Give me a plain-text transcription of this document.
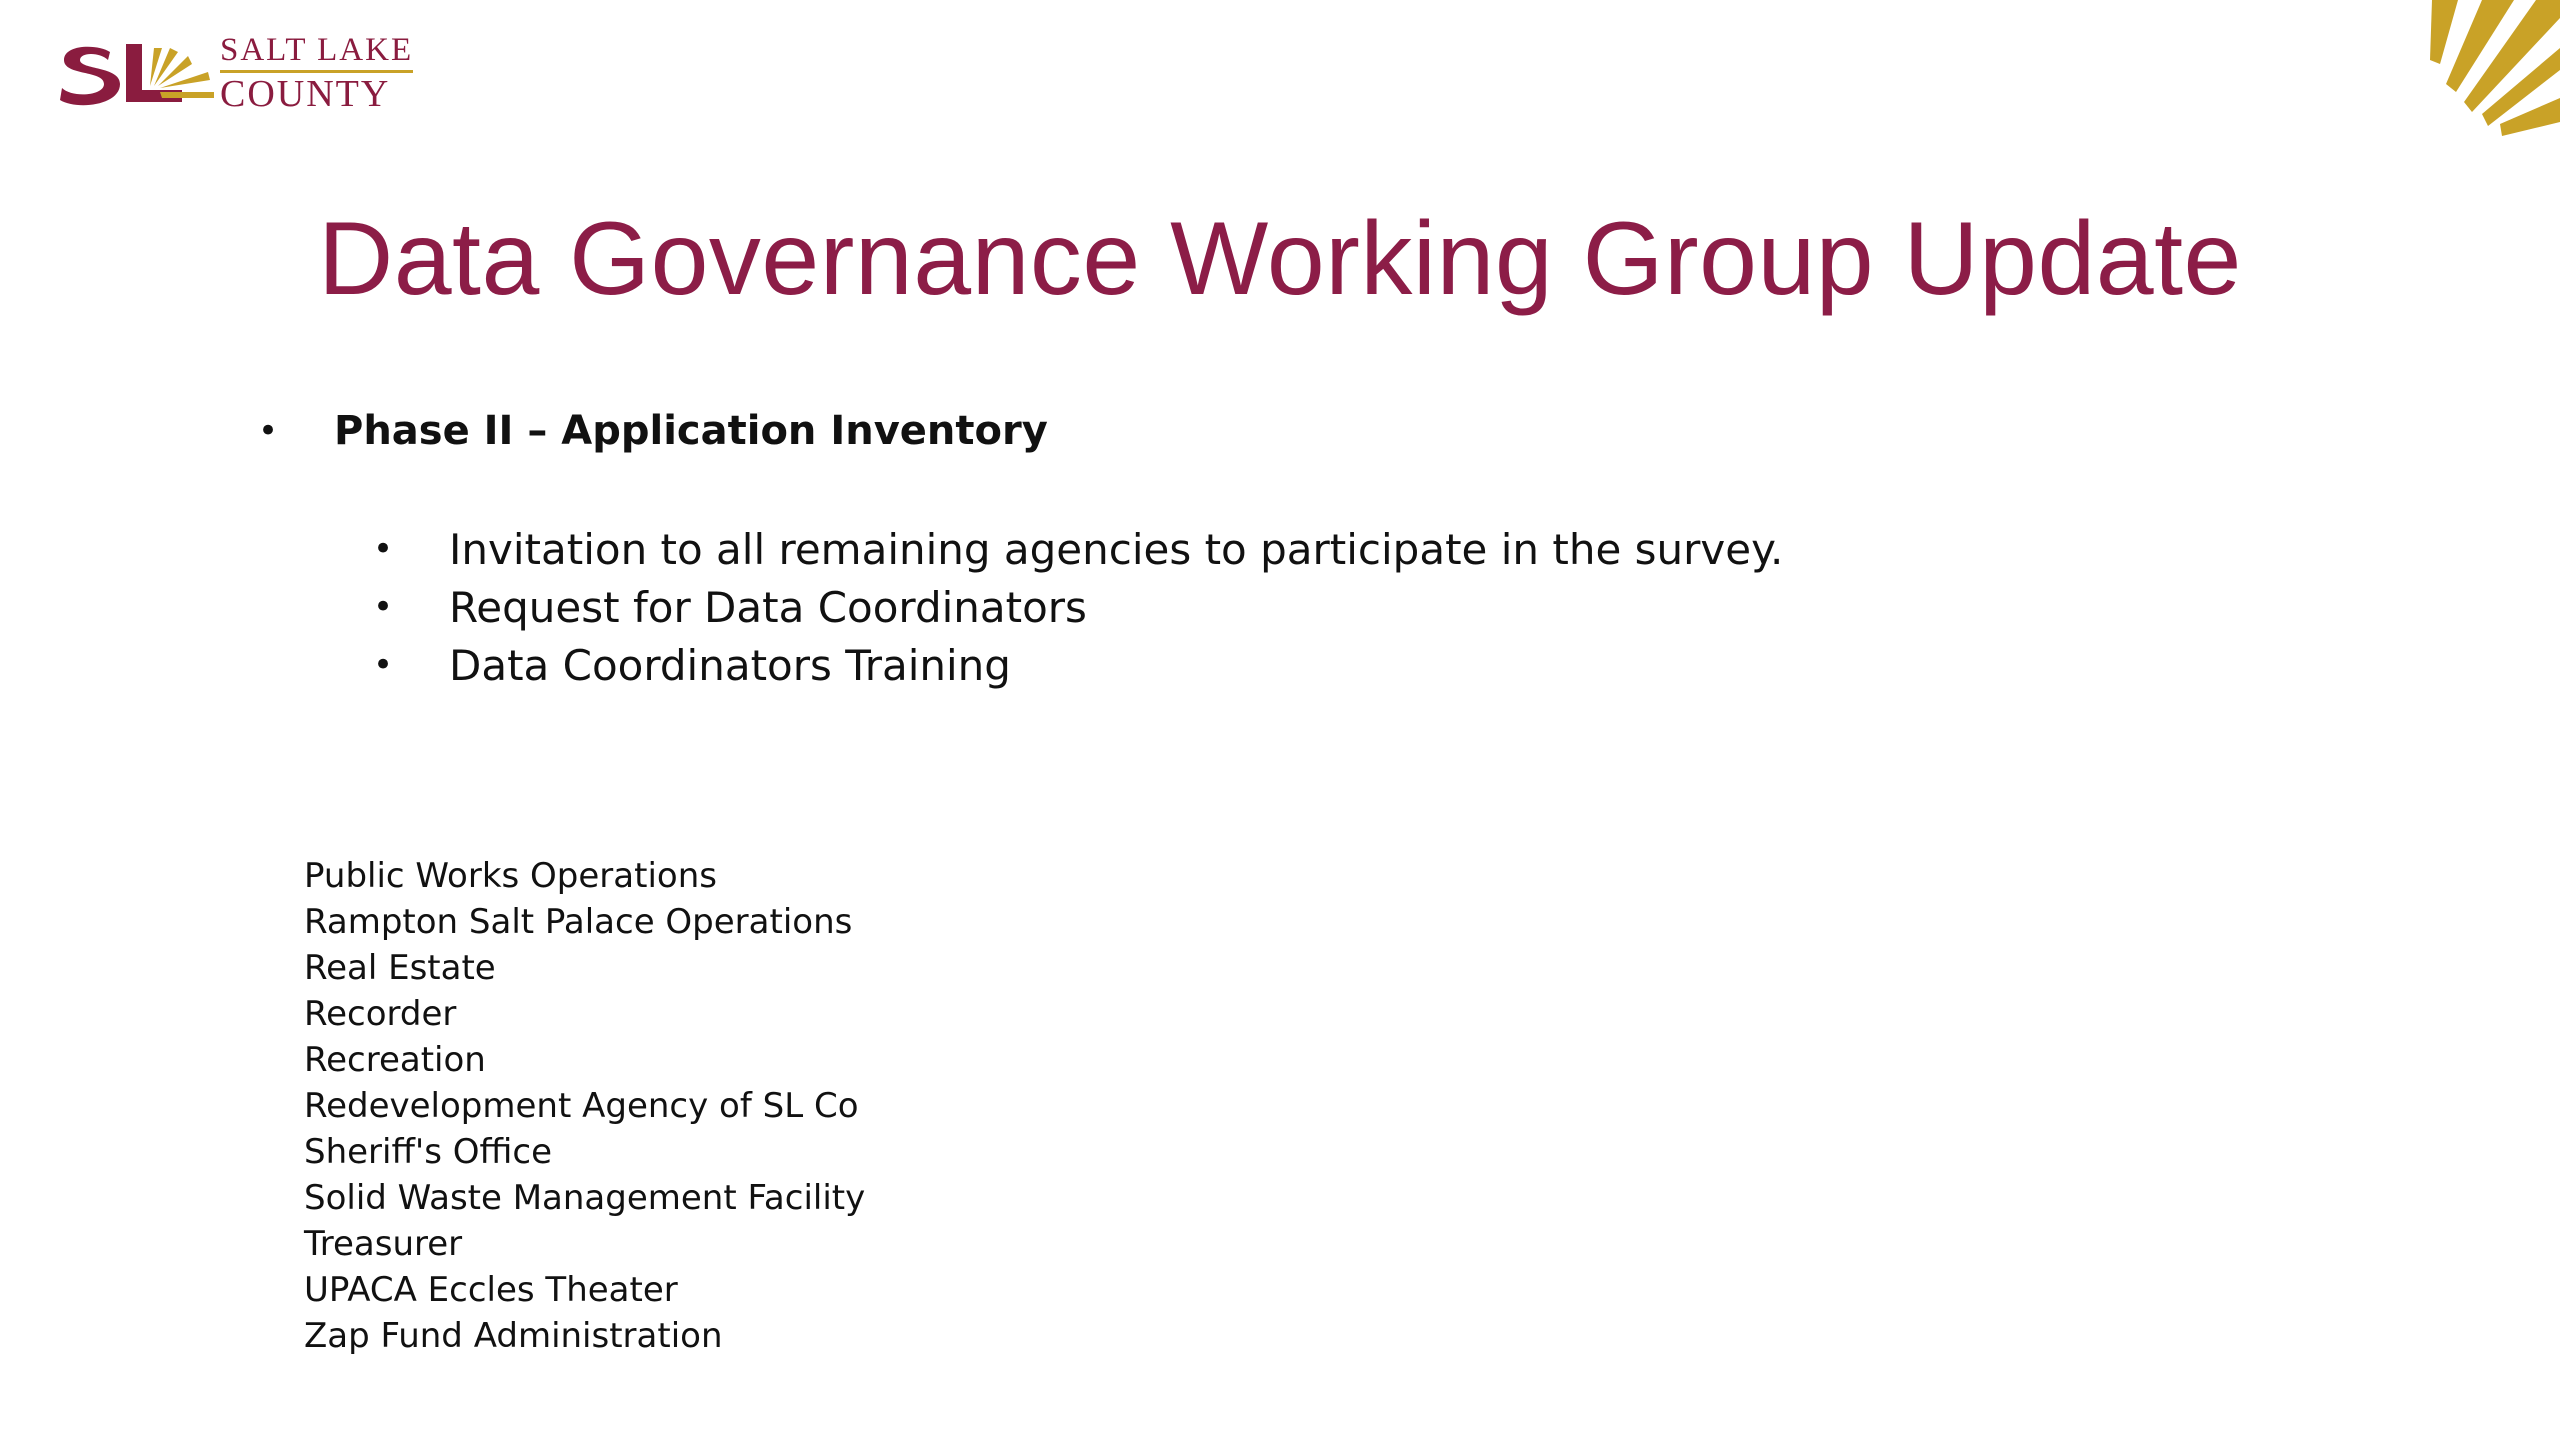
SALT LAKE
COUNTY
Data Governance Working Group Update
•	Phase II – Application Inventory
•	Invitation to all remaining agencies to participate in the survey.
•	Request for Data Coordinators
•	Data Coordinators Training
Public Works Operations
Rampton Salt Palace Operations
Real Estate
Recorder
Recreation
Redevelopment Agency of SL Co
Sheriff's Office
Solid Waste Management Facility
Treasurer
UPACA Eccles Theater
Zap Fund Administration
